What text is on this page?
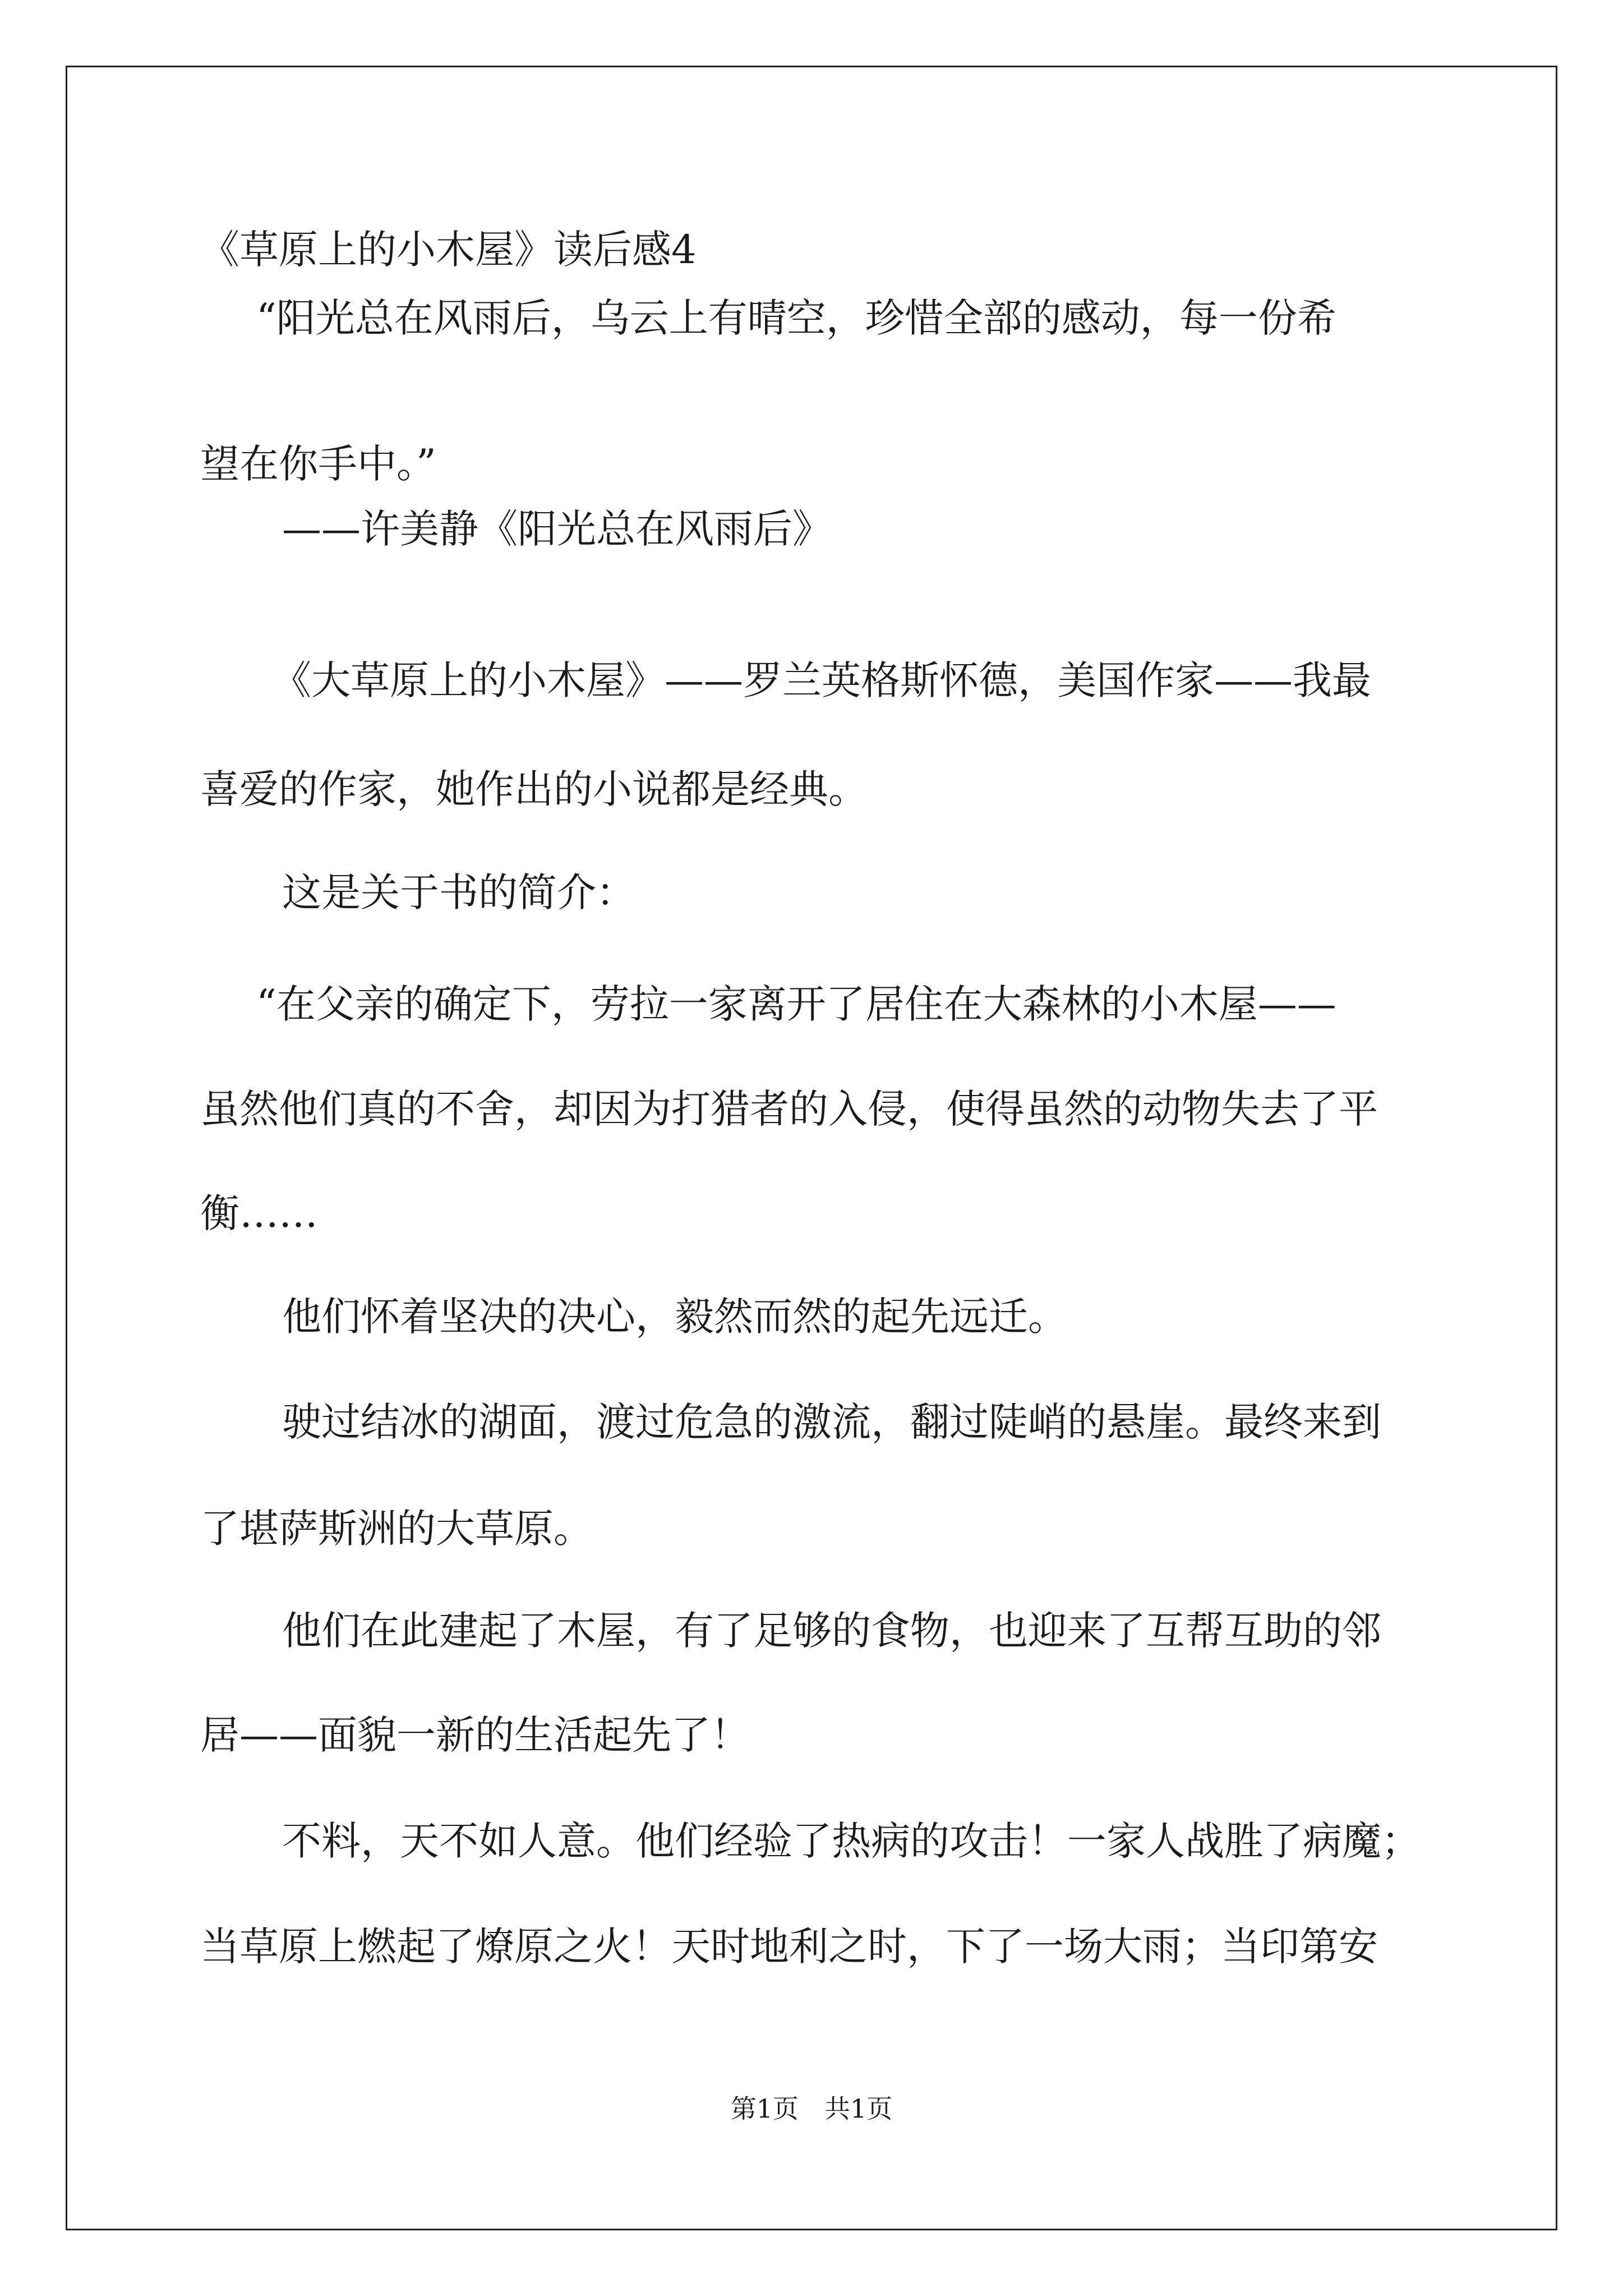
《草原上的小木屋》读后感4
“阳光总在风雨后，乌云上有晴空，珍惜全部的感动，每一份希
望在你手中。”
——许美静《阳光总在风雨后》
《大草原上的小木屋》——罗兰英格斯怀德，美国作家——我最
喜爱的作家，她作出的小说都是经典。
这是关于书的简介：
“在父亲的确定下，劳拉一家离开了居住在大森林的小木屋——
虽然他们真的不舍，却因为打猎者的入侵，使得虽然的动物失去了平
衡……
他们怀着坚决的决心，毅然而然的起先远迁。
驶过结冰的湖面，渡过危急的激流，翻过陡峭的悬崖。最终来到
了堪萨斯洲的大草原。
他们在此建起了木屋，有了足够的食物，也迎来了互帮互助的邻
居——面貌一新的生活起先了！
不料，天不如人意。他们经验了热病的攻击！一家人战胜了病魔；
当草原上燃起了燎原之火！天时地利之时，下了一场大雨；当印第安
第1页　共1页
